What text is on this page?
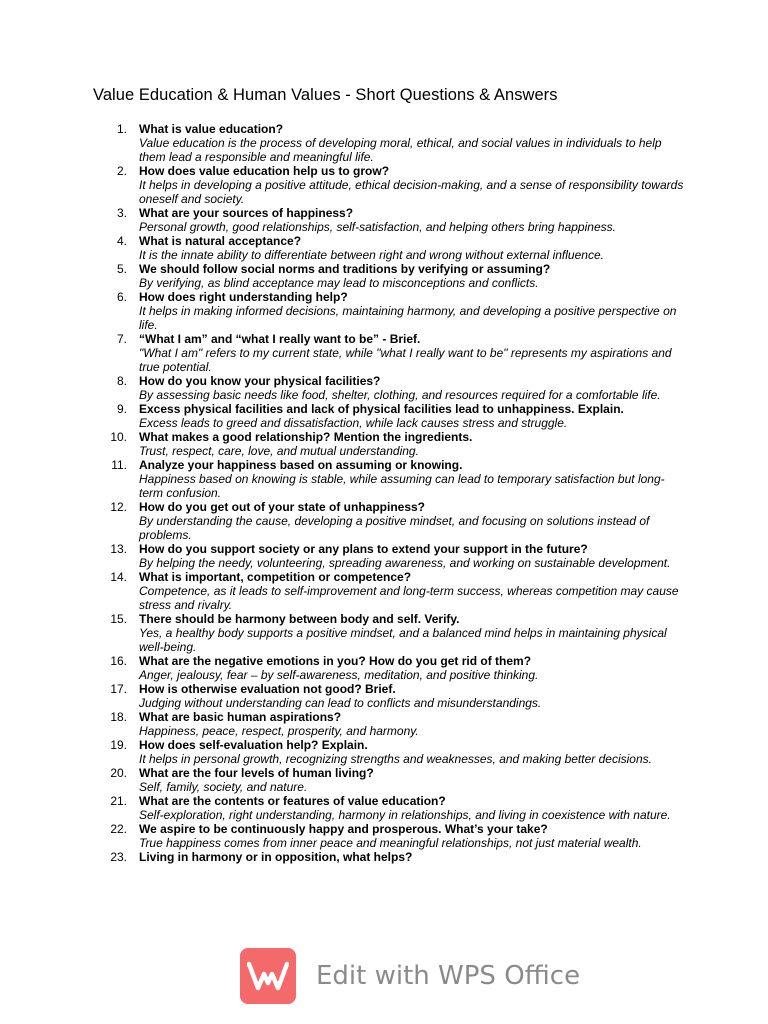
Value Education & Human Values - Short Questions & Answers
1. What is value education?
Value education is the process of developing moral, ethical, and social values in individuals to help them lead a responsible and meaningful life.
2. How does value education help us to grow?
It helps in developing a positive attitude, ethical decision-making, and a sense of responsibility towards oneself and society.
3. What are your sources of happiness?
Personal growth, good relationships, self-satisfaction, and helping others bring happiness.
4. What is natural acceptance?
It is the innate ability to differentiate between right and wrong without external influence.
5. We should follow social norms and traditions by verifying or assuming?
By verifying, as blind acceptance may lead to misconceptions and conflicts.
6. How does right understanding help?
It helps in making informed decisions, maintaining harmony, and developing a positive perspective on life.
7. “What I am” and “what I really want to be” - Brief.
"What I am" refers to my current state, while "what I really want to be" represents my aspirations and true potential.
8. How do you know your physical facilities?
By assessing basic needs like food, shelter, clothing, and resources required for a comfortable life.
9. Excess physical facilities and lack of physical facilities lead to unhappiness. Explain.
Excess leads to greed and dissatisfaction, while lack causes stress and struggle.
10. What makes a good relationship? Mention the ingredients.
Trust, respect, care, love, and mutual understanding.
11. Analyze your happiness based on assuming or knowing.
Happiness based on knowing is stable, while assuming can lead to temporary satisfaction but long-term confusion.
12. How do you get out of your state of unhappiness?
By understanding the cause, developing a positive mindset, and focusing on solutions instead of problems.
13. How do you support society or any plans to extend your support in the future?
By helping the needy, volunteering, spreading awareness, and working on sustainable development.
14. What is important, competition or competence?
Competence, as it leads to self-improvement and long-term success, whereas competition may cause stress and rivalry.
15. There should be harmony between body and self. Verify.
Yes, a healthy body supports a positive mindset, and a balanced mind helps in maintaining physical well-being.
16. What are the negative emotions in you? How do you get rid of them?
Anger, jealousy, fear – by self-awareness, meditation, and positive thinking.
17. How is otherwise evaluation not good? Brief.
Judging without understanding can lead to conflicts and misunderstandings.
18. What are basic human aspirations?
Happiness, peace, respect, prosperity, and harmony.
19. How does self-evaluation help? Explain.
It helps in personal growth, recognizing strengths and weaknesses, and making better decisions.
20. What are the four levels of human living?
Self, family, society, and nature.
21. What are the contents or features of value education?
Self-exploration, right understanding, harmony in relationships, and living in coexistence with nature.
22. We aspire to be continuously happy and prosperous. What’s your take?
True happiness comes from inner peace and meaningful relationships, not just material wealth.
23. Living in harmony or in opposition, what helps?
Edit with WPS Office
